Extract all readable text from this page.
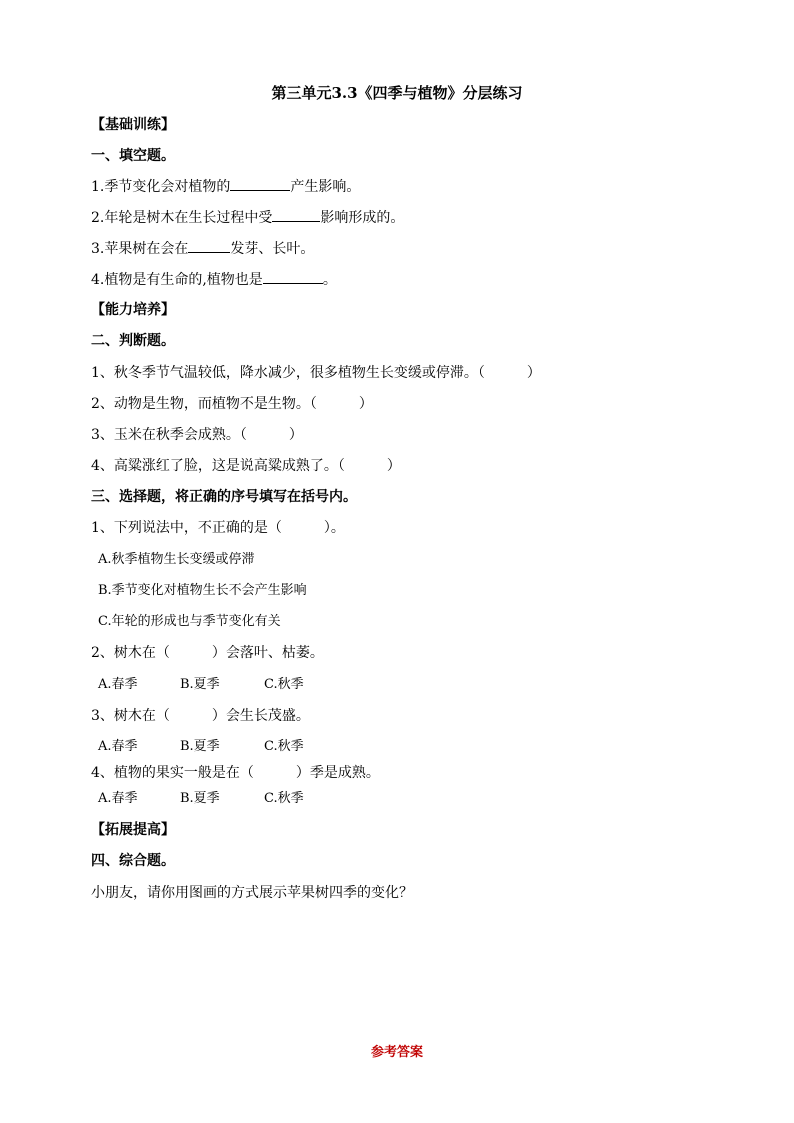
第三单元3.3《四季与植物》分层练习
【基础训练】
一、填空题。
1.季节变化会对植物的	产生影响。
2.年轮是树木在生长过程中受	影响形成的。
3.苹果树在会在	发芽、长叶。
4.植物是有生命的,植物也是	。
【能力培养】
二、判断题。
1、秋冬季节气温较低，降水减少，很多植物生长变缓或停滞。（　　　）
2、动物是生物，而植物不是生物。（　　　）
3、玉米在秋季会成熟。（　　　）
4、高粱涨红了脸，这是说高粱成熟了。（　　　）
三、选择题，将正确的序号填写在括号内。
1、下列说法中，不正确的是（　　　）。
A.秋季植物生长变缓或停滞
B.季节变化对植物生长不会产生影响
C.年轮的形成也与季节变化有关
2、树木在（　　　）会落叶、枯萎。
A.春季	B.夏季	C.秋季
3、树木在（　　　）会生长茂盛。
A.春季	B.夏季	C.秋季
4、植物的果实一般是在（　　　）季是成熟。
A.春季	B.夏季	C.秋季
【拓展提高】
四、综合题。
小朋友，请你用图画的方式展示苹果树四季的变化？
参考答案
